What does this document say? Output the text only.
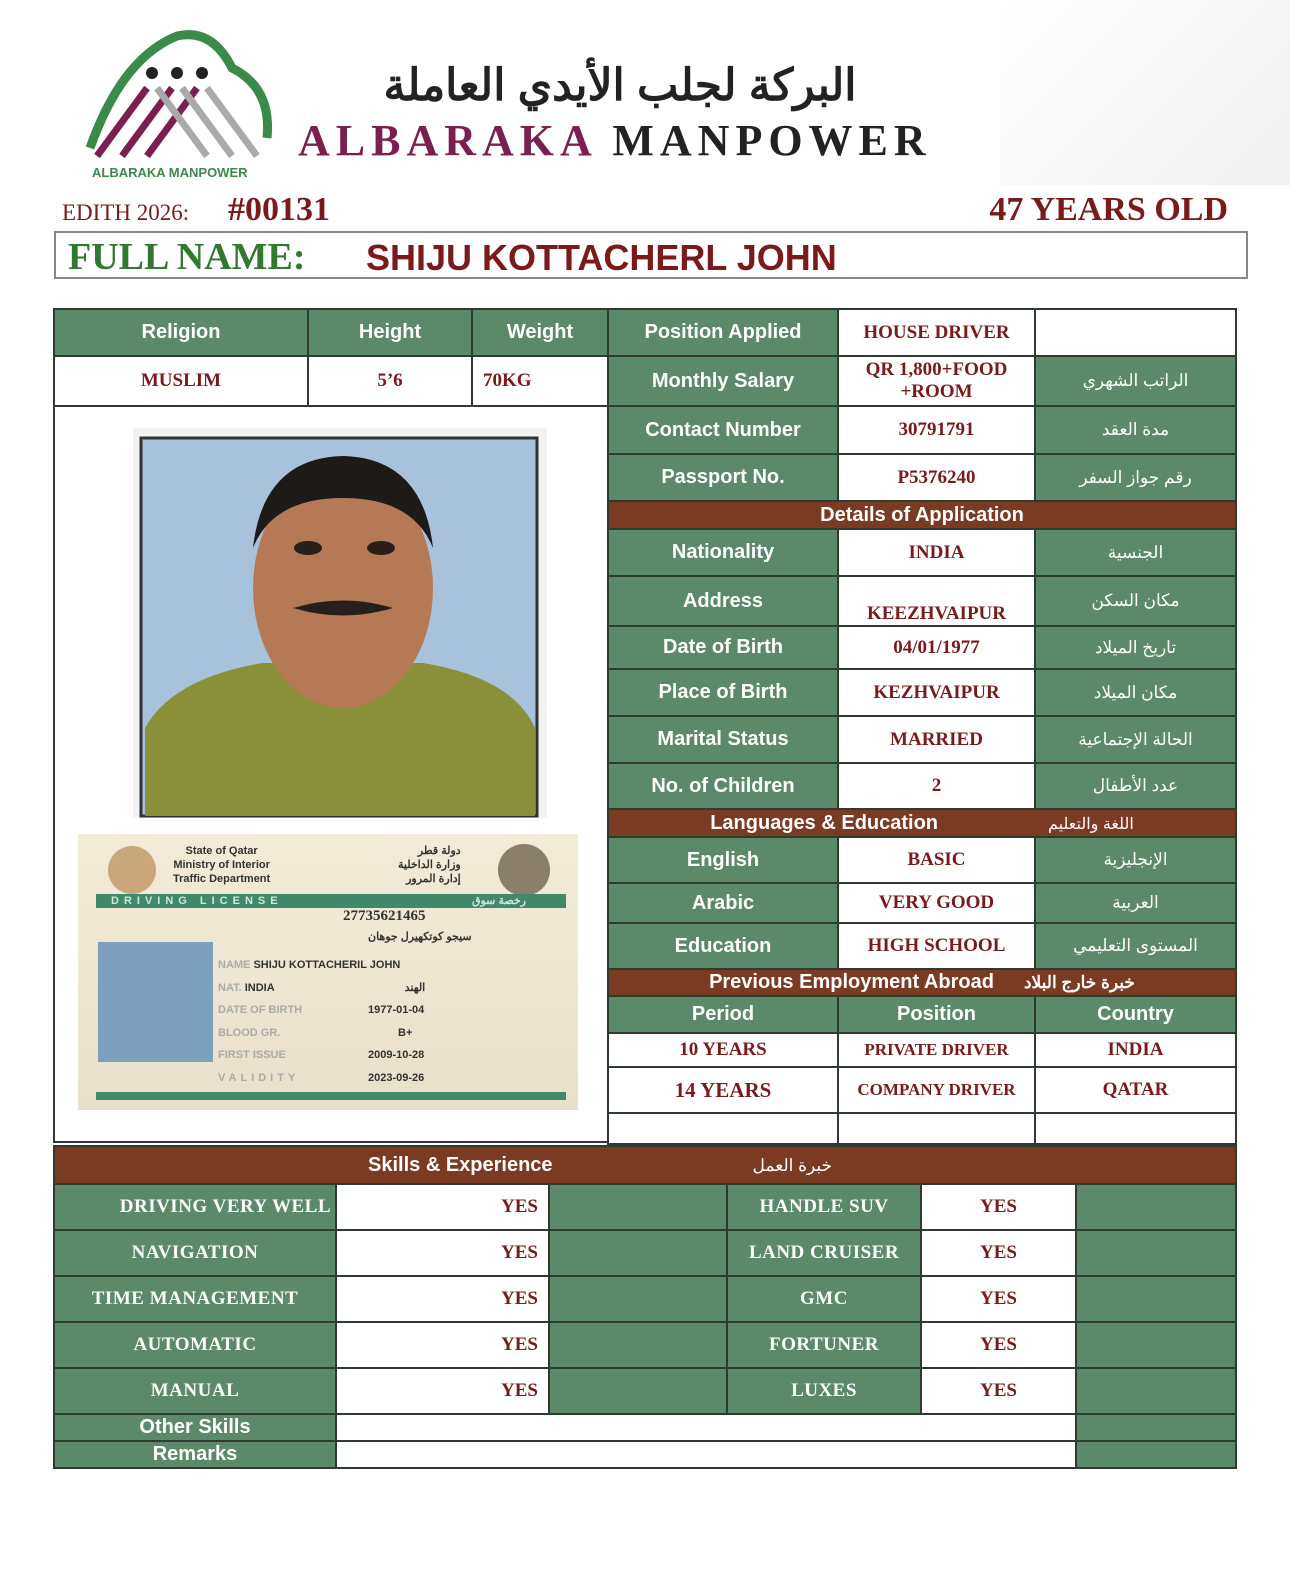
ALBARAKA MANPOWER
البركة لجلب الأيدي العاملة
ALBARAKA MANPOWER
EDITH 2026: #00131	47 YEARS OLD
FULL NAME: SHIJU KOTTACHERL JOHN
Religion	Height	Weight
MUSLIM	5’6	70KG
State of Qatar
Ministry of Interior
Traffic Department
دولة قطر
وزارة الداخلية
إدارة المرور
DRIVING LICENSE	رخصة سوق
27735621465
سيجو كوتكهيرل جوهان
NAME SHIJU KOTTACHERIL JOHN
NAT. INDIA	الهند
DATE OF BIRTH	1977-01-04
BLOOD GR.	B+
FIRST ISSUE	2009-10-28
VALIDITY	2023-09-26
Position Applied	HOUSE DRIVER	
Monthly Salary	QR 1,800+FOOD +ROOM	الراتب الشهري
Contact Number	30791791	مدة العقد
Passport No.	P5376240	رقم جواز السفر
Details of Application		
Nationality	INDIA	الجنسية
Address	KEEZHVAIPUR	مكان السكن
Date of Birth	04/01/1977	تاريخ الميلاد
Place of Birth	KEZHVAIPUR	مكان الميلاد
Marital Status	MARRIED	الحالة الإجتماعية
No. of Children	2	عدد الأطفال
Languages & Education اللغة والتعليم		
English	BASIC	الإنجليزية
Arabic	VERY GOOD	العربية
Education	HIGH SCHOOL	المستوى التعليمي
Previous Employment Abroad خبرة خارج البلاد		
Period	Position	Country
10 YEARS	PRIVATE DRIVER	INDIA
14 YEARS	COMPANY DRIVER	QATAR

Skills & Experience خبرة العمل					
DRIVING VERY WELL	YES		HANDLE SUV	YES	
NAVIGATION	YES		LAND CRUISER	YES	
TIME MANAGEMENT	YES		GMC	YES	
AUTOMATIC	YES		FORTUNER	YES	
MANUAL	YES		LUXES	YES	
Other Skills					
Remarks					
